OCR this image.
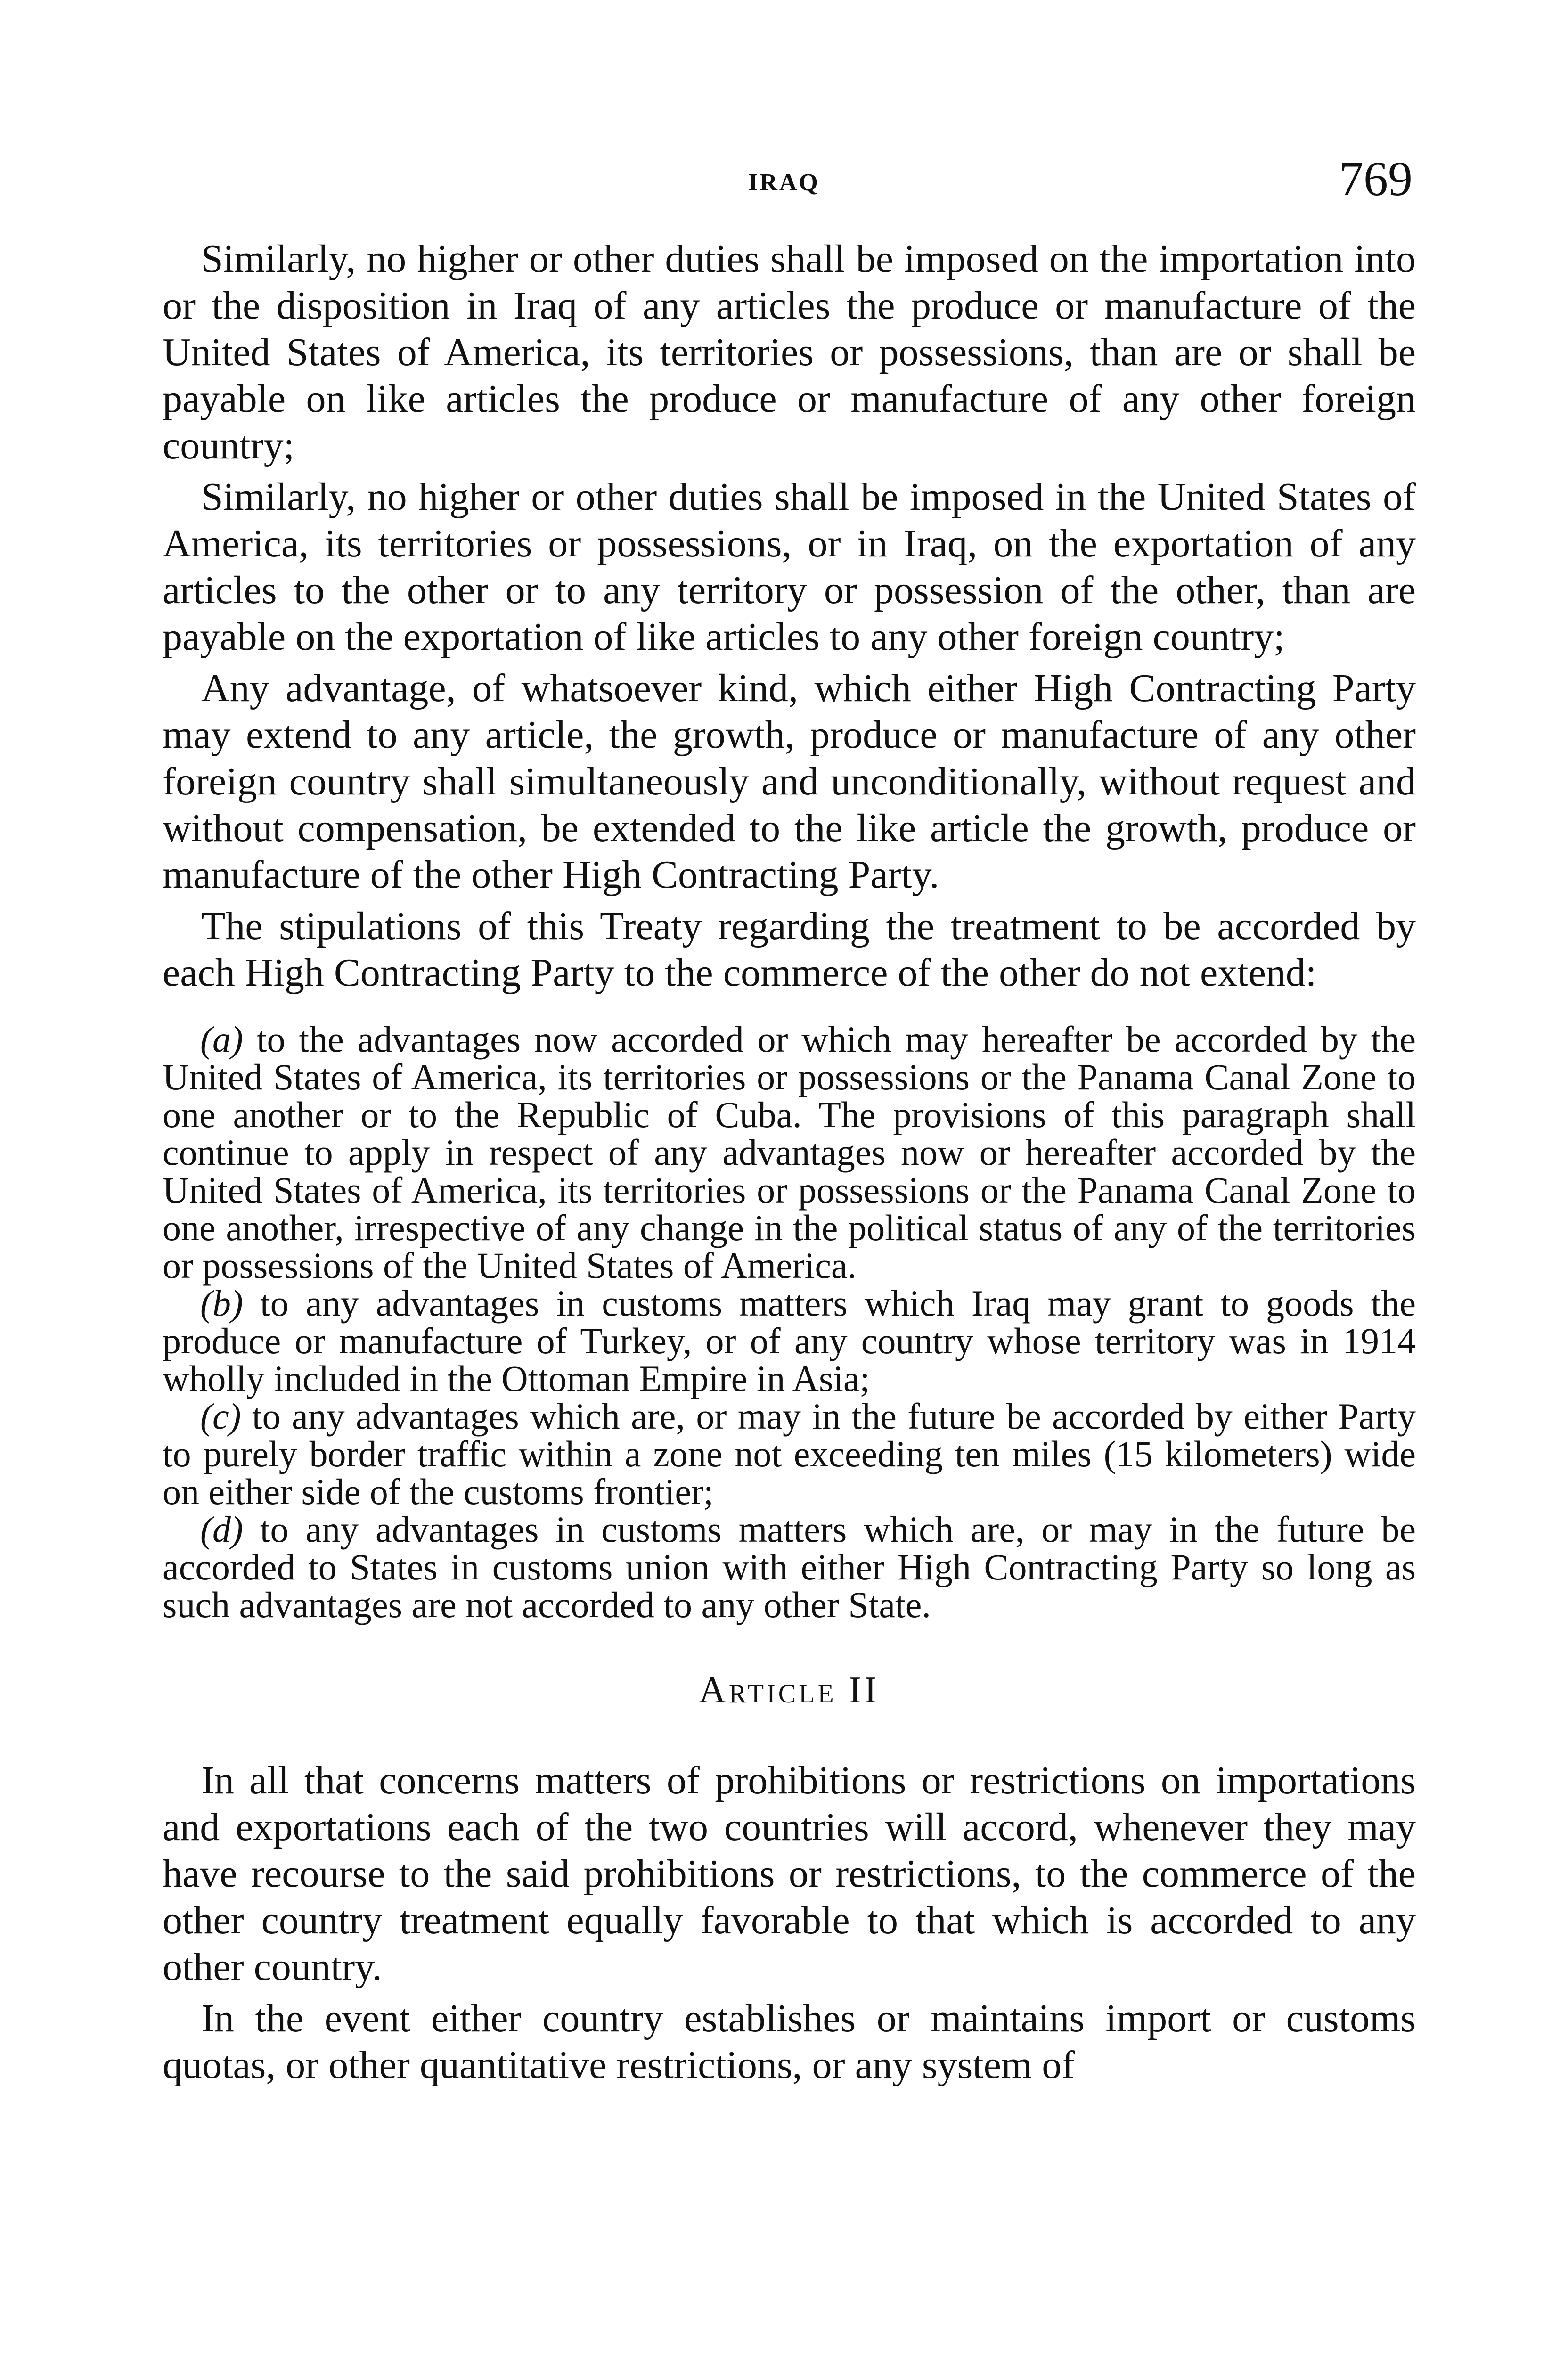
IRAQ	769

Similarly, no higher or other duties shall be imposed on the importation into or the disposition in Iraq of any articles the produce or manufacture of the United States of America, its territories or possessions, than are or shall be payable on like articles the produce or manufacture of any other foreign country;

Similarly, no higher or other duties shall be imposed in the United States of America, its territories or possessions, or in Iraq, on the exportation of any articles to the other or to any territory or possession of the other, than are payable on the exportation of like articles to any other foreign country;

Any advantage, of whatsoever kind, which either High Contracting Party may extend to any article, the growth, produce or manufacture of any other foreign country shall simultaneously and unconditionally, without request and without compensation, be extended to the like article the growth, produce or manufacture of the other High Contracting Party.

The stipulations of this Treaty regarding the treatment to be accorded by each High Contracting Party to the commerce of the other do not extend:

(a) to the advantages now accorded or which may hereafter be accorded by the United States of America, its territories or possessions or the Panama Canal Zone to one another or to the Republic of Cuba. The provisions of this paragraph shall continue to apply in respect of any advantages now or hereafter accorded by the United States of America, its territories or possessions or the Panama Canal Zone to one another, irrespective of any change in the political status of any of the territories or possessions of the United States of America.

(b) to any advantages in customs matters which Iraq may grant to goods the produce or manufacture of Turkey, or of any country whose territory was in 1914 wholly included in the Ottoman Empire in Asia;

(c) to any advantages which are, or may in the future be accorded by either Party to purely border traffic within a zone not exceeding ten miles (15 kilometers) wide on either side of the customs frontier;

(d) to any advantages in customs matters which are, or may in the future be accorded to States in customs union with either High Contracting Party so long as such advantages are not accorded to any other State.

Article II

In all that concerns matters of prohibitions or restrictions on importations and exportations each of the two countries will accord, whenever they may have recourse to the said prohibitions or restrictions, to the commerce of the other country treatment equally favorable to that which is accorded to any other country.

In the event either country establishes or maintains import or customs quotas, or other quantitative restrictions, or any system of
